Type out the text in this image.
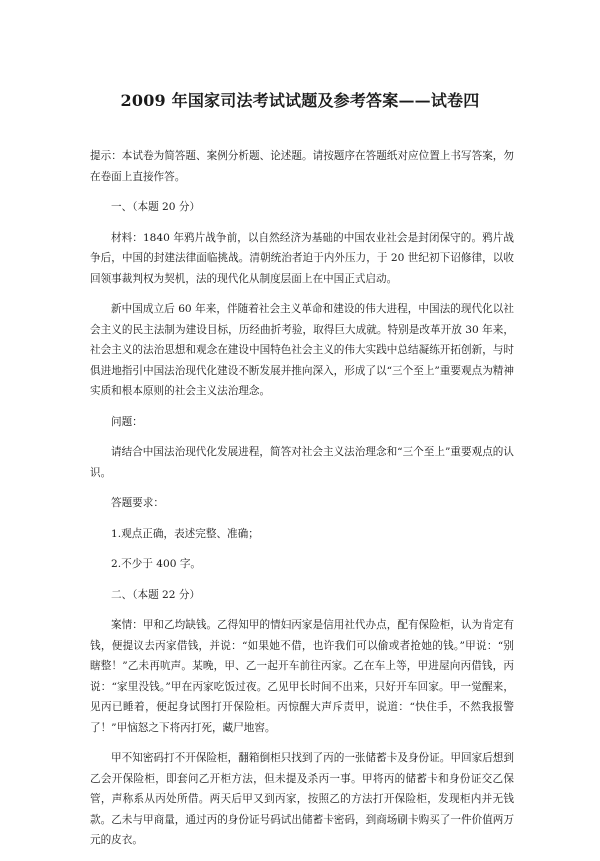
2009 年国家司法考试试题及参考答案——试卷四

提示：本试卷为简答题、案例分析题、论述题。请按题序在答题纸对应位置上书写答案，勿在卷面上直接作答。

一、（本题 20 分）

材料：1840 年鸦片战争前，以自然经济为基础的中国农业社会是封闭保守的。鸦片战争后，中国的封建法律面临挑战。清朝统治者迫于内外压力，于 20 世纪初下诏修律，以收回领事裁判权为契机，法的现代化从制度层面上在中国正式启动。

新中国成立后 60 年来，伴随着社会主义革命和建设的伟大进程，中国法的现代化以社会主义的民主法制为建设目标，历经曲折考验，取得巨大成就。特别是改革开放 30 年来，社会主义的法治思想和观念在建设中国特色社会主义的伟大实践中总结凝练开拓创新，与时俱进地指引中国法治现代化建设不断发展并推向深入，形成了以“三个至上”重要观点为精神实质和根本原则的社会主义法治理念。

问题：

请结合中国法治现代化发展进程，简答对社会主义法治理念和“三个至上”重要观点的认识。

答题要求：

1.观点正确，表述完整、准确；

2.不少于 400 字。

二、（本题 22 分）

案情：甲和乙均缺钱。乙得知甲的情妇丙家是信用社代办点，配有保险柜，认为肯定有钱，便提议去丙家借钱，并说：“如果她不借，也许我们可以偷或者抢她的钱。”甲说：“别瞎整！”乙未再吭声。某晚，甲、乙一起开车前往丙家。乙在车上等，甲进屋向丙借钱，丙说：“家里没钱。”甲在丙家吃饭过夜。乙见甲长时间不出来，只好开车回家。甲一觉醒来，见丙已睡着，便起身试图打开保险柜。丙惊醒大声斥责甲，说道：“快住手，不然我报警了！”甲恼怒之下将丙打死，藏尸地窖。

甲不知密码打不开保险柜，翻箱倒柜只找到了丙的一张储蓄卡及身份证。甲回家后想到乙会开保险柜，即套问乙开柜方法，但未提及杀丙一事。甲将丙的储蓄卡和身份证交乙保管，声称系从丙处所借。两天后甲又到丙家，按照乙的方法打开保险柜，发现柜内并无钱款。乙未与甲商量，通过丙的身份证号码试出储蓄卡密码，到商场刷卡购买了一件价值两万元的皮衣。
